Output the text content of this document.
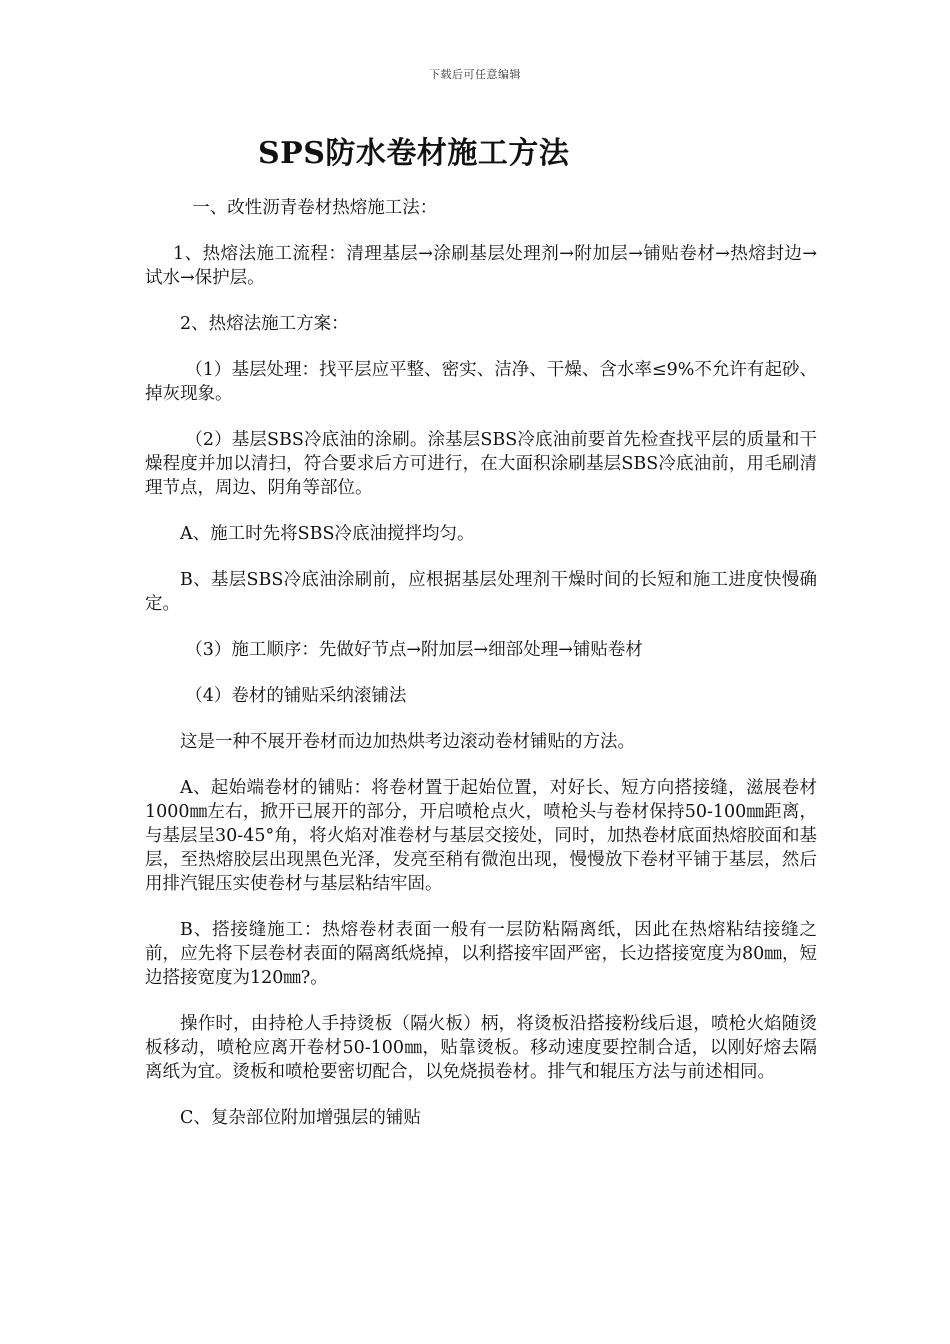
下载后可任意编辑
SPS防水卷材施工方法

一、改性沥青卷材热熔施工法：

1、热熔法施工流程：清理基层→涂刷基层处理剂→附加层→铺贴卷材→热熔封边→试水→保护层。

2、热熔法施工方案：

（1）基层处理：找平层应平整、密实、洁净、干燥、含水率≤9%不允许有起砂、掉灰现象。

（2）基层SBS冷底油的涂刷。涂基层SBS冷底油前要首先检查找平层的质量和干燥程度并加以清扫，符合要求后方可进行，在大面积涂刷基层SBS冷底油前，用毛刷清理节点，周边、阴角等部位。

A、施工时先将SBS冷底油搅拌均匀。

B、基层SBS冷底油涂刷前，应根据基层处理剂干燥时间的长短和施工进度快慢确定。

（3）施工顺序：先做好节点→附加层→细部处理→铺贴卷材

（4）卷材的铺贴采纳滚铺法

这是一种不展开卷材而边加热烘考边滚动卷材铺贴的方法。

A、起始端卷材的铺贴：将卷材置于起始位置，对好长、短方向搭接缝，滋展卷材1000㎜左右，掀开已展开的部分，开启喷枪点火，喷枪头与卷材保持50-100㎜距离，与基层呈30-45°角，将火焰对准卷材与基层交接处，同时，加热卷材底面热熔胶面和基层，至热熔胶层出现黑色光泽，发亮至稍有微泡出现，慢慢放下卷材平铺于基层，然后用排汽锟压实使卷材与基层粘结牢固。

B、搭接缝施工：热熔卷材表面一般有一层防粘隔离纸，因此在热熔粘结接缝之前，应先将下层卷材表面的隔离纸烧掉，以利搭接牢固严密，长边搭接宽度为80㎜，短边搭接宽度为120㎜?。

操作时，由持枪人手持烫板（隔火板）柄，将烫板沿搭接粉线后退，喷枪火焰随烫板移动，喷枪应离开卷材50-100㎜，贴靠烫板。移动速度要控制合适，以刚好熔去隔离纸为宜。烫板和喷枪要密切配合，以免烧损卷材。排气和辊压方法与前述相同。

C、复杂部位附加增强层的铺贴
